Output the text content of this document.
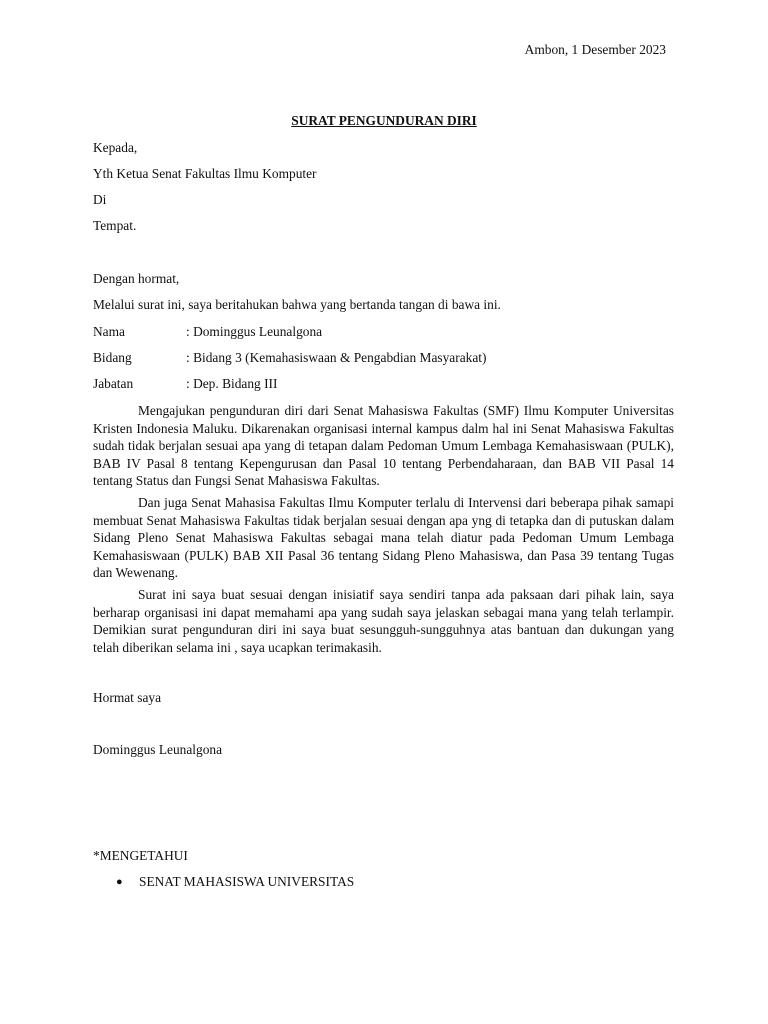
Ambon, 1 Desember 2023
SURAT PENGUNDURAN DIRI
Kepada,
Yth Ketua Senat Fakultas Ilmu Komputer
Di
Tempat.
Dengan hormat,
Melalui surat ini, saya beritahukan bahwa yang bertanda tangan di bawa ini.
Nama	: Dominggus Leunalgona
Bidang	: Bidang 3 (Kemahasiswaan & Pengabdian Masyarakat)
Jabatan	: Dep. Bidang III
Mengajukan pengunduran diri dari Senat Mahasiswa Fakultas (SMF) Ilmu Komputer Universitas Kristen Indonesia Maluku. Dikarenakan organisasi internal kampus dalm hal ini Senat Mahasiswa Fakultas sudah tidak berjalan sesuai apa yang di tetapan dalam Pedoman Umum Lembaga Kemahasiswaan (PULK), BAB IV Pasal 8 tentang Kepengurusan dan Pasal 10 tentang Perbendaharaan, dan BAB VII Pasal 14 tentang Status dan Fungsi Senat Mahasiswa Fakultas.
Dan juga Senat Mahasisa Fakultas Ilmu Komputer terlalu di Intervensi dari beberapa pihak samapi membuat Senat Mahasiswa Fakultas tidak berjalan sesuai dengan apa yng di tetapka dan di putuskan dalam Sidang Pleno Senat Mahasiswa Fakultas sebagai mana telah diatur pada Pedoman Umum Lembaga Kemahasiswaan (PULK) BAB XII Pasal 36 tentang Sidang Pleno Mahasiswa, dan Pasa 39 tentang Tugas dan Wewenang.
Surat ini saya buat sesuai dengan inisiatif saya sendiri tanpa ada paksaan dari pihak lain, saya berharap organisasi ini dapat memahami apa yang sudah saya jelaskan sebagai mana yang telah terlampir. Demikian surat pengunduran diri ini saya buat sesungguh-sungguhnya atas bantuan dan dukungan yang telah diberikan selama ini , saya ucapkan terimakasih.
Hormat saya
Dominggus Leunalgona
*MENGETAHUI
● SENAT MAHASISWA UNIVERSITAS
